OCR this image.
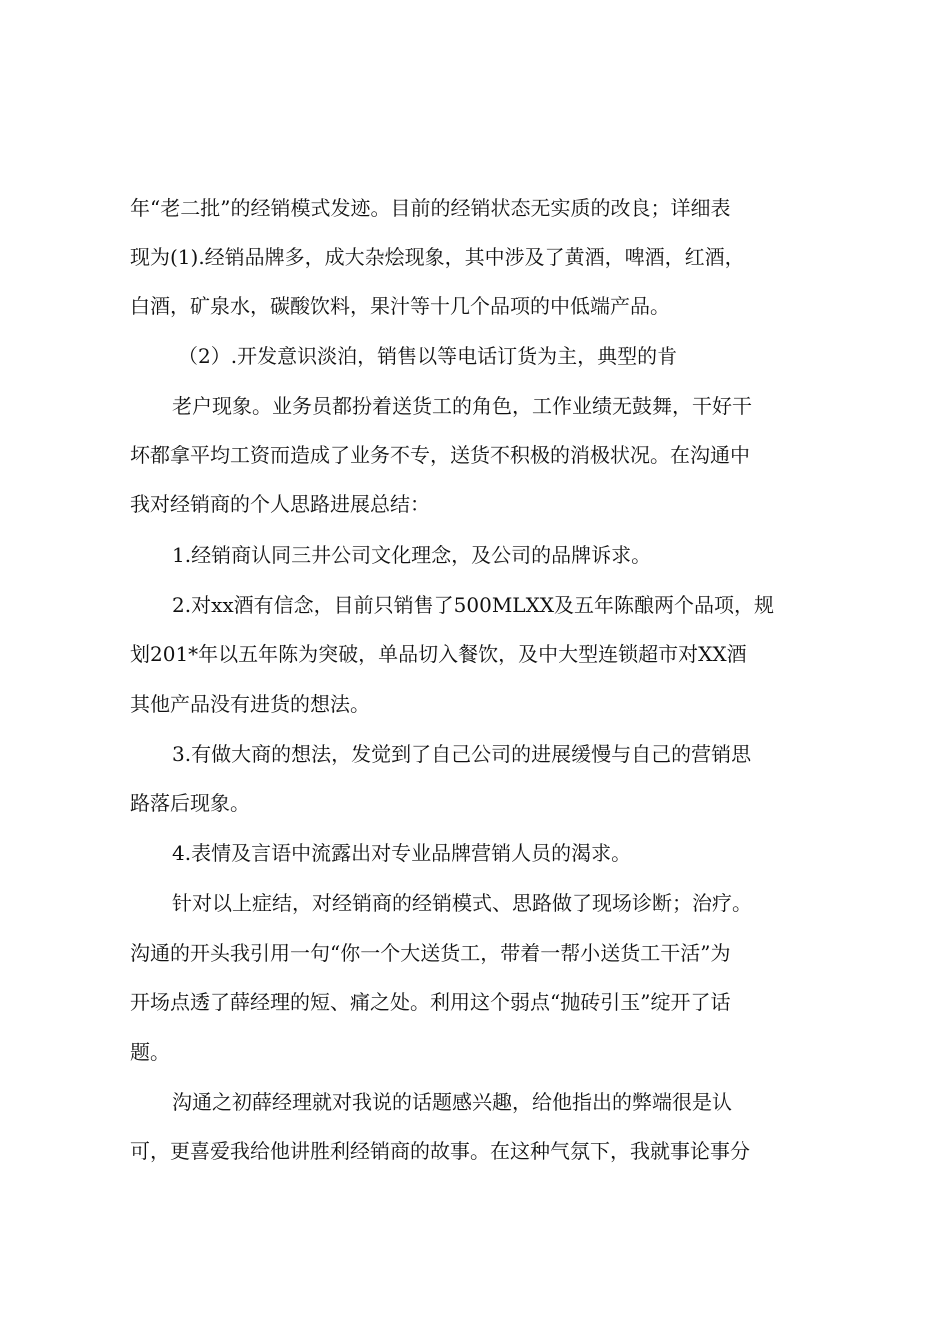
年“老二批”的经销模式发迹。目前的经销状态无实质的改良；详细表

现为(1).经销品牌多，成大杂烩现象，其中涉及了黄酒，啤酒，红酒，

白酒，矿泉水，碳酸饮料，果汁等十几个品项的中低端产品。

（2）.开发意识淡泊，销售以等电话订货为主，典型的肯

老户现象。业务员都扮着送货工的角色，工作业绩无鼓舞，干好干

坏都拿平均工资而造成了业务不专，送货不积极的消极状况。在沟通中

我对经销商的个人思路进展总结：

1.经销商认同三井公司文化理念，及公司的品牌诉求。

2.对xx酒有信念，目前只销售了500MLXX及五年陈酿两个品项，规

划201*年以五年陈为突破，单品切入餐饮，及中大型连锁超市对XX酒

其他产品没有进货的想法。

3.有做大商的想法，发觉到了自己公司的进展缓慢与自己的营销思

路落后现象。

4.表情及言语中流露出对专业品牌营销人员的渴求。

针对以上症结，对经销商的经销模式、思路做了现场诊断；治疗。

沟通的开头我引用一句“你一个大送货工，带着一帮小送货工干活”为

开场点透了薛经理的短、痛之处。利用这个弱点“抛砖引玉”绽开了话

题。

沟通之初薛经理就对我说的话题感兴趣，给他指出的弊端很是认

可，更喜爱我给他讲胜利经销商的故事。在这种气氛下，我就事论事分
